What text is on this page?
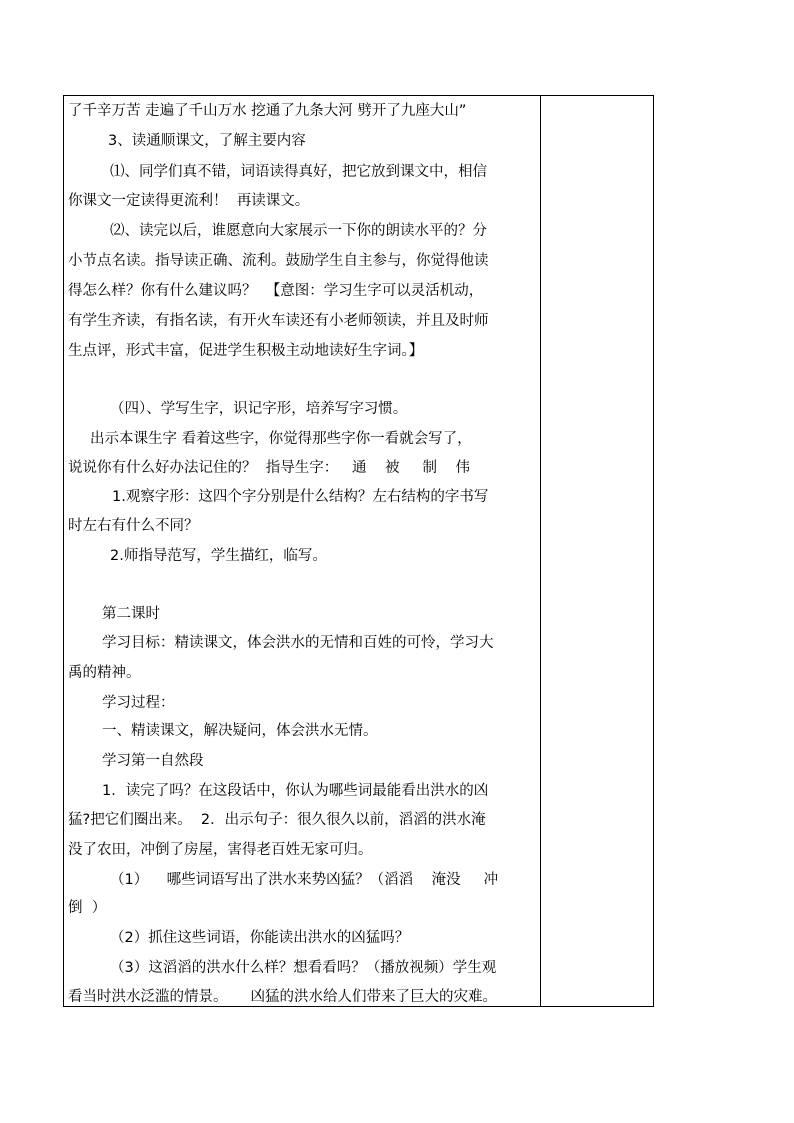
了千辛万苦 走遍了千山万水 挖通了九条大河 劈开了九座大山”
3、读通顺课文，了解主要内容
⑴、同学们真不错，词语读得真好，把它放到课文中，相信
你课文一定读得更流利！  再读课文。
⑵、读完以后，谁愿意向大家展示一下你的朗读水平的？分
小节点名读。指导读正确、流利。鼓励学生自主参与，你觉得他读
得怎么样？你有什么建议吗？  【意图：学习生字可以灵活机动，
有学生齐读，有指名读，有开火车读还有小老师领读，并且及时师
生点评，形式丰富，促进学生积极主动地读好生字词。】
（四）、学写生字，识记字形，培养写字习惯。
出示本课生字 看着这些字，你觉得那些字你一看就会写了，
说说你有什么好办法记住的？  指导生字：   通    被     制    伟
1.观察字形：这四个字分别是什么结构？左右结构的字书写
时左右有什么不同？
2.师指导范写，学生描红，临写。
第二课时
学习目标：精读课文，体会洪水的无情和百姓的可怜，学习大
禹的精神。
学习过程：
一、精读课文，解决疑问，体会洪水无情。
学习第一自然段
1．读完了吗？在这段话中，你认为哪些词最能看出洪水的凶
猛?把它们圈出来。  2．出示句子：很久很久以前，滔滔的洪水淹
没了农田，冲倒了房屋，害得老百姓无家可归。
（1）    哪些词语写出了洪水来势凶猛？（滔滔    淹没     冲
倒  ）
（2）抓住这些词语，你能读出洪水的凶猛吗？
（3）这滔滔的洪水什么样？想看看吗？（播放视频）学生观
看当时洪水泛滥的情景。     凶猛的洪水给人们带来了巨大的灾难。
